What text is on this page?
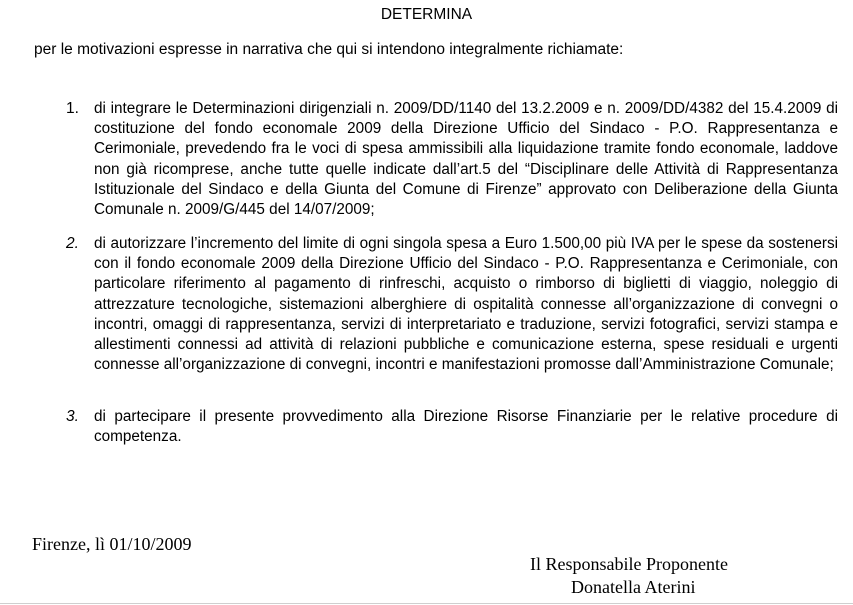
DETERMINA
per le motivazioni espresse in narrativa che qui si intendono integralmente richiamate:
1. di integrare le Determinazioni dirigenziali n. 2009/DD/1140 del 13.2.2009 e n. 2009/DD/4382 del 15.4.2009 di costituzione del fondo economale 2009 della Direzione Ufficio del Sindaco - P.O. Rappresentanza e Cerimoniale, prevedendo fra le voci di spesa ammissibili alla liquidazione tramite fondo economale, laddove non già ricomprese, anche tutte quelle indicate dall’art.5 del “Disciplinare delle Attività di Rappresentanza Istituzionale del Sindaco e della Giunta del Comune di Firenze” approvato con Deliberazione della Giunta Comunale n. 2009/G/445 del 14/07/2009;
2. di autorizzare l’incremento del limite di ogni singola spesa a Euro 1.500,00 più IVA per le spese da sostenersi con il fondo economale 2009 della Direzione Ufficio del Sindaco - P.O. Rappresentanza e Cerimoniale, con particolare riferimento al pagamento di rinfreschi, acquisto o rimborso di biglietti di viaggio, noleggio di attrezzature tecnologiche, sistemazioni alberghiere di ospitalità connesse all’organizzazione di convegni o incontri, omaggi di rappresentanza, servizi di interpretariato e traduzione, servizi fotografici, servizi stampa e allestimenti connessi ad attività di relazioni pubbliche e comunicazione esterna, spese residuali e urgenti connesse all’organizzazione di convegni, incontri e manifestazioni promosse dall’Amministrazione Comunale;
3. di partecipare il presente provvedimento alla Direzione Risorse Finanziarie per le relative procedure di competenza.
Firenze, lì 01/10/2009
Il Responsabile Proponente
Donatella Aterini
